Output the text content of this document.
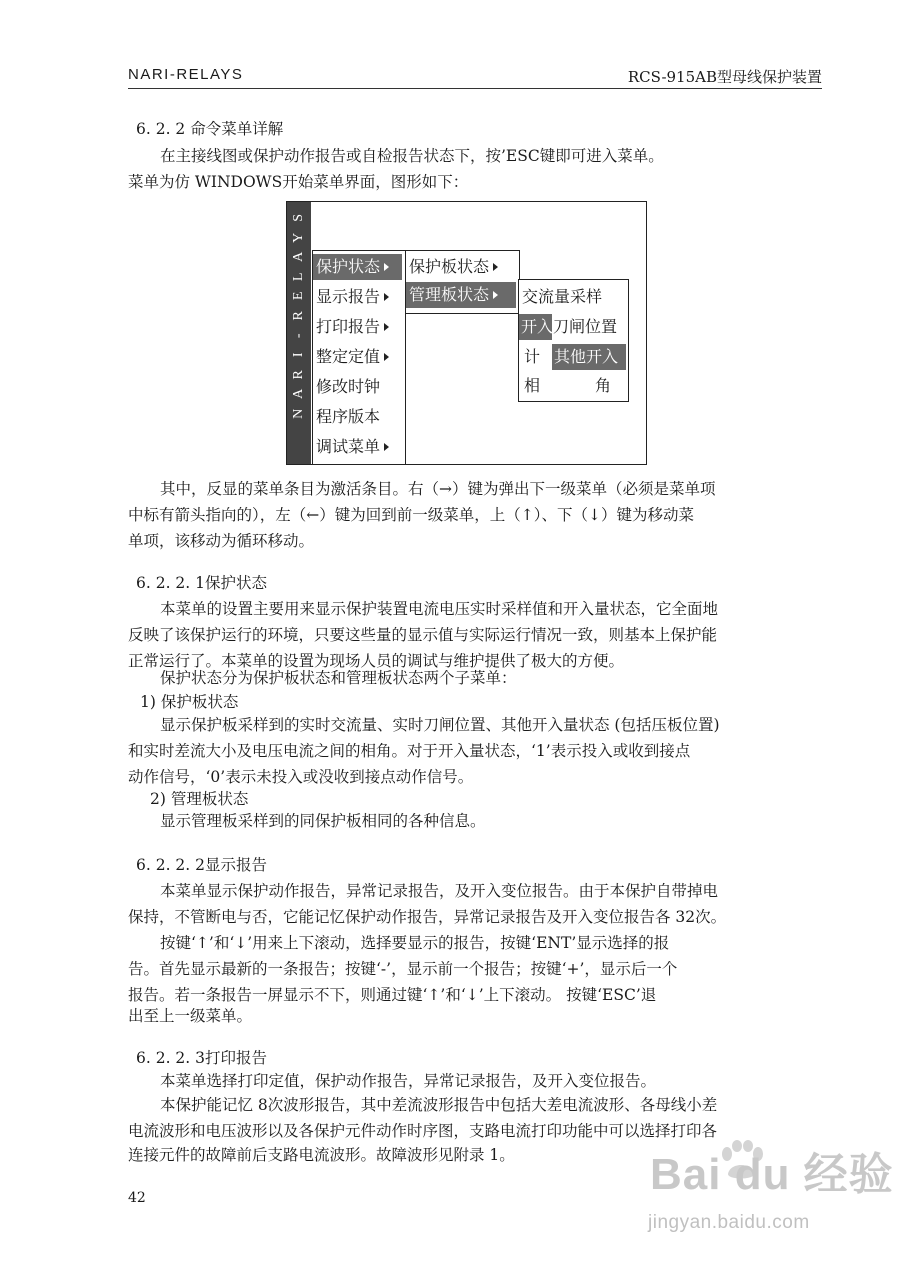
NARI-RELAYS	RCS-915AB型母线保护装置
6. 2. 2 命令菜单详解
在主接线图或保护动作报告或自检报告状态下，按’ESC键即可进入菜单。
菜单为仿 WINDOWS开始菜单界面，图形如下：
S
Y
A
L
E
R
-
I
R
A
N
保护状态
显示报告
打印报告
整定定值
修改时钟
程序版本
调试菜单
保护板状态
管理板状态	交流量采样
开入 刀闸位置
计 其他开入
相	角
其中，反显的菜单条目为激活条目。右（→）键为弹出下一级菜单（必须是菜单项
中标有箭头指向的），左（←）键为回到前一级菜单，上（↑）、下（↓）键为移动菜
单项，该移动为循环移动。
6. 2. 2. 1保护状态
本菜单的设置主要用来显示保护装置电流电压实时采样值和开入量状态，它全面地
反映了该保护运行的环境，只要这些量的显示值与实际运行情况一致，则基本上保护能
正常运行了。本菜单的设置为现场人员的调试与维护提供了极大的方便。
保护状态分为保护板状态和管理板状态两个子菜单：
1) 保护板状态
显示保护板采样到的实时交流量、实时刀闸位置、其他开入量状态 (包括压板位置)
和实时差流大小及电压电流之间的相角。对于开入量状态，‘1’表示投入或收到接点
动作信号，‘0’表示未投入或没收到接点动作信号。
2) 管理板状态
显示管理板采样到的同保护板相同的各种信息。
6. 2. 2. 2显示报告
本菜单显示保护动作报告，异常记录报告，及开入变位报告。由于本保护自带掉电
保持，不管断电与否，它能记忆保护动作报告，异常记录报告及开入变位报告各 32次。
按键‘↑’和‘↓’用来上下滚动，选择要显示的报告，按键‘ENT’显示选择的报
告。首先显示最新的一条报告；按键‘-’，显示前一个报告；按键‘+’，显示后一个
报告。若一条报告一屏显示不下，则通过键‘↑’和‘↓’上下滚动。 按键‘ESC’退
出至上一级菜单。
6. 2. 2. 3打印报告
本菜单选择打印定值，保护动作报告，异常记录报告，及开入变位报告。
本保护能记忆 8次波形报告，其中差流波形报告中包括大差电流波形、各母线小差
电流波形和电压波形以及各保护元件动作时序图，支路电流打印功能中可以选择打印各
连接元件的故障前后支路电流波形。故障波形见附录 1。
42	Bai du 经验
jingyan.baidu.com
